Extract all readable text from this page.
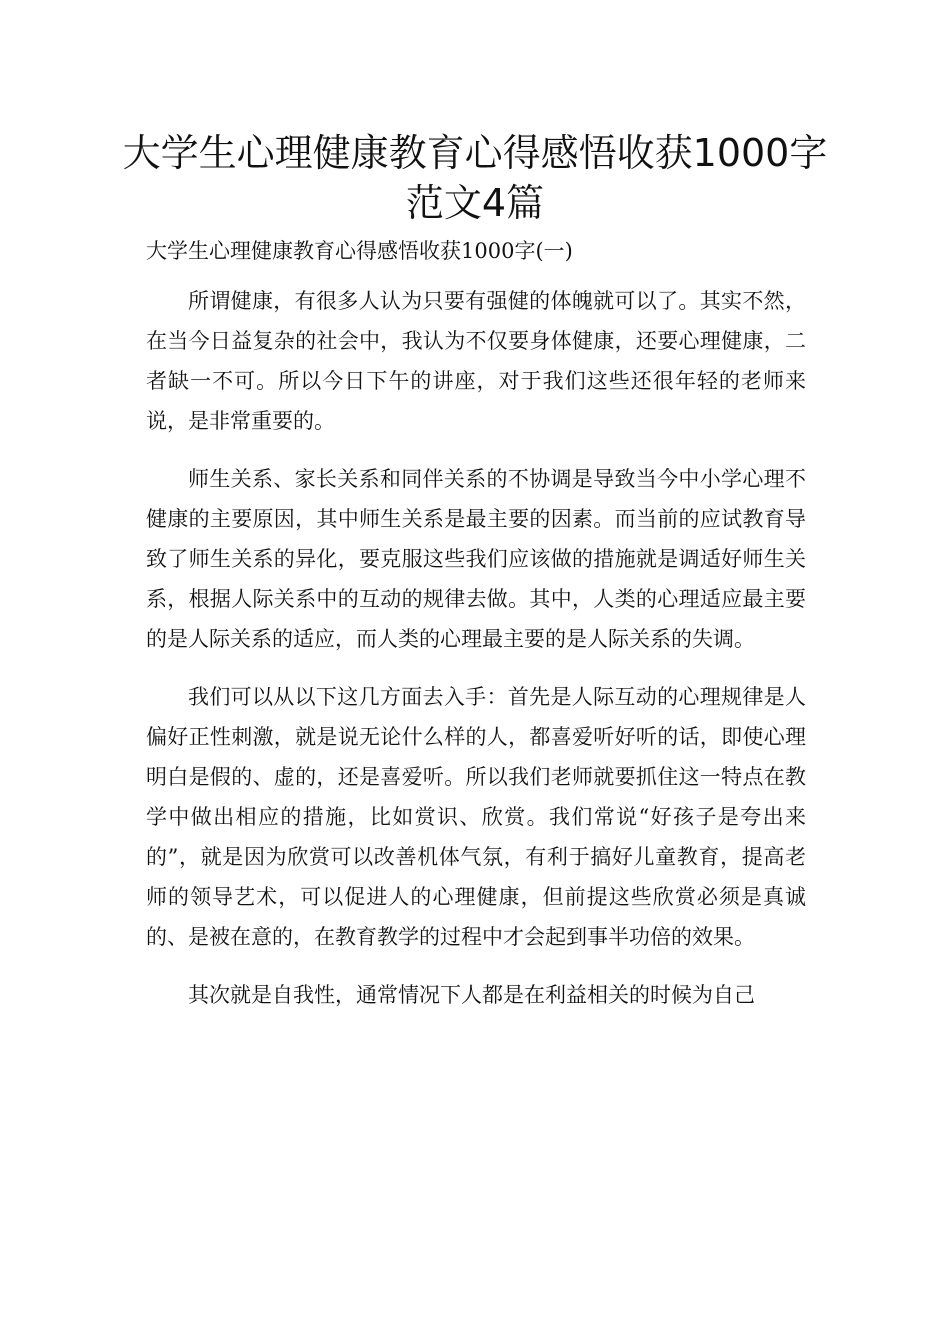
大学生心理健康教育心得感悟收获1000字范文4篇
大学生心理健康教育心得感悟收获1000字(一)

所谓健康，有很多人认为只要有强健的体魄就可以了。其实不然，在当今日益复杂的社会中，我认为不仅要身体健康，还要心理健康，二者缺一不可。所以今日下午的讲座，对于我们这些还很年轻的老师来说，是非常重要的。

师生关系、家长关系和同伴关系的不协调是导致当今中小学心理不健康的主要原因，其中师生关系是最主要的因素。而当前的应试教育导致了师生关系的异化，要克服这些我们应该做的措施就是调适好师生关系，根据人际关系中的互动的规律去做。其中，人类的心理适应最主要的是人际关系的适应，而人类的心理最主要的是人际关系的失调。

我们可以从以下这几方面去入手：首先是人际互动的心理规律是人偏好正性刺激，就是说无论什么样的人，都喜爱听好听的话，即使心理明白是假的、虚的，还是喜爱听。所以我们老师就要抓住这一特点在教学中做出相应的措施，比如赏识、欣赏。我们常说“好孩子是夸出来的”，就是因为欣赏可以改善机体气氛，有利于搞好儿童教育，提高老师的领导艺术，可以促进人的心理健康，但前提这些欣赏必须是真诚的、是被在意的，在教育教学的过程中才会起到事半功倍的效果。

其次就是自我性，通常情况下人都是在利益相关的时候为自己
